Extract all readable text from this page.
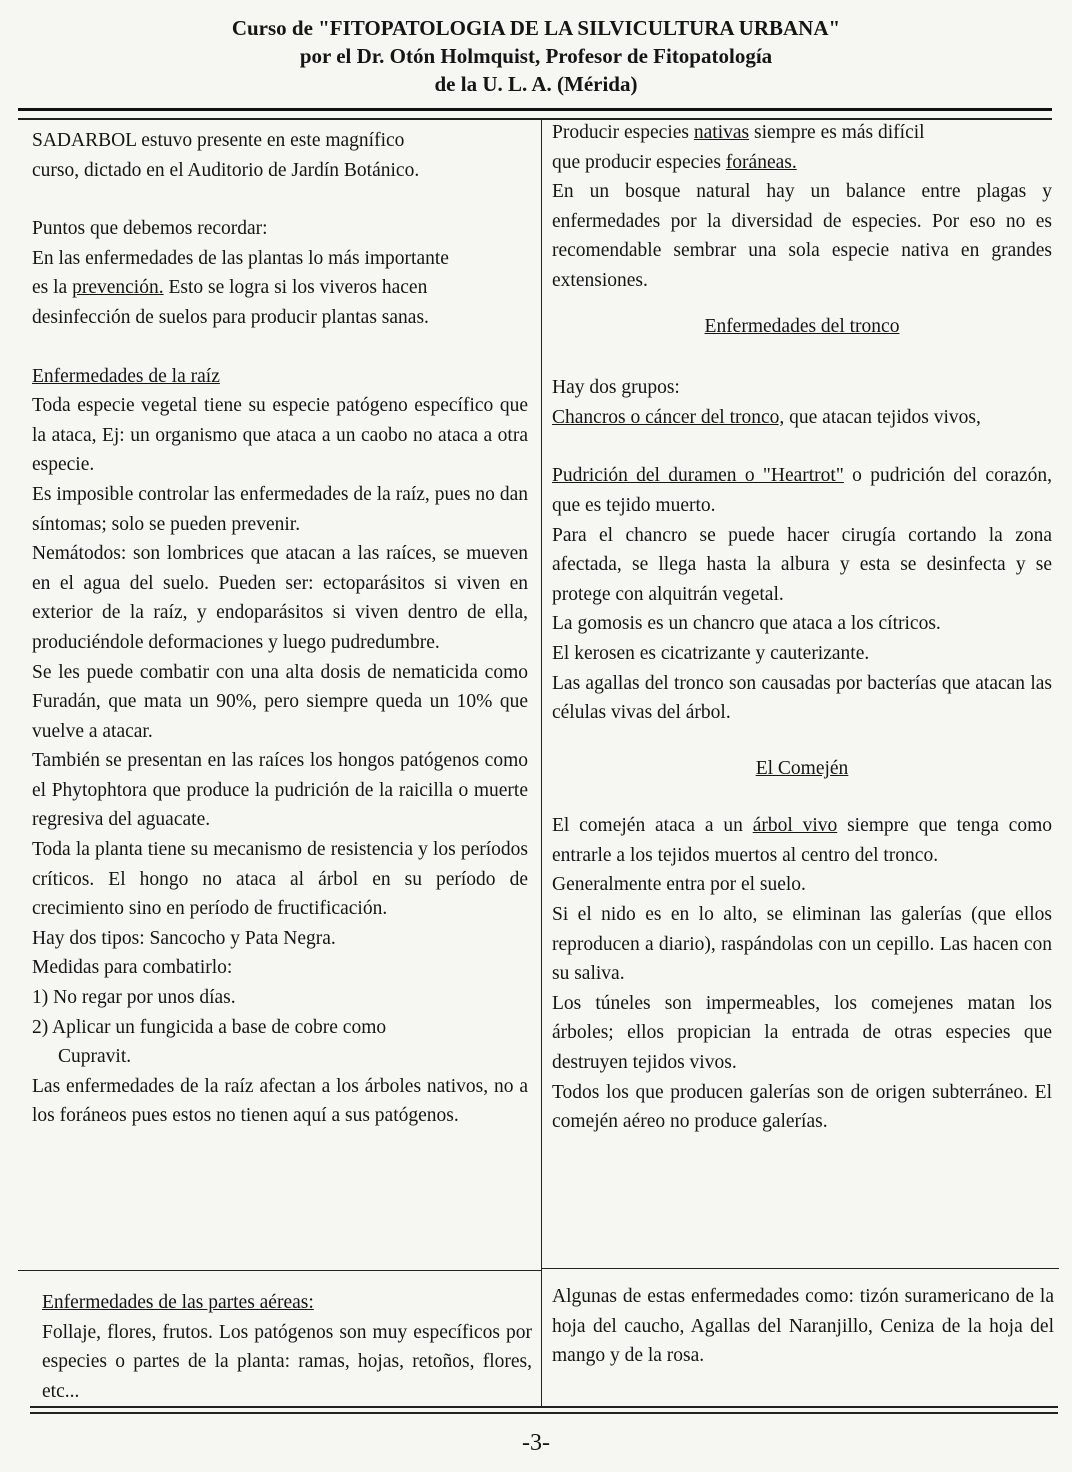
Curso de "FITOPATOLOGIA DE LA SILVICULTURA URBANA"
por el Dr. Otón Holmquist, Profesor de Fitopatología
de la U. L. A. (Mérida)

SADARBOL estuvo presente en este magnífico

curso, dictado en el Auditorio de Jardín Botánico.

Puntos que debemos recordar:

En las enfermedades de las plantas lo más importante

es la prevención. Esto se logra si los viveros hacen

desinfección de suelos para producir plantas sanas.

Enfermedades de la raíz

Toda especie vegetal tiene su especie patógeno específico que la ataca, Ej: un organismo que ataca a un caobo no ataca a otra especie.

Es imposible controlar las enfermedades de la raíz, pues no dan síntomas; solo se pueden prevenir.

Nemátodos: son lombrices que atacan a las raíces, se mueven en el agua del suelo. Pueden ser: ectoparásitos si viven en exterior de la raíz, y endoparásitos si viven dentro de ella, produciéndole deformaciones y luego pudredumbre.

Se les puede combatir con una alta dosis de nematicida como Furadán, que mata un 90%, pero siempre queda un 10% que vuelve a atacar.

También se presentan en las raíces los hongos patógenos como el Phytophtora que produce la pudrición de la raicilla o muerte regresiva del aguacate.

Toda la planta tiene su mecanismo de resistencia y los períodos críticos. El hongo no ataca al árbol en su período de crecimiento sino en período de fructificación.

Hay dos tipos: Sancocho y Pata Negra.

Medidas para combatirlo:

1) No regar por unos días.

2) Aplicar un fungicida a base de cobre como

Cupravit.

Las enfermedades de la raíz afectan a los árboles nativos, no a los foráneos pues estos no tienen aquí a sus patógenos.

Producir especies nativas siempre es más difícil

que producir especies foráneas.

En un bosque natural hay un balance entre plagas y enfermedades por la diversidad de especies. Por eso no es recomendable sembrar una sola especie nativa en grandes extensiones.

Enfermedades del tronco

Hay dos grupos:

Chancros o cáncer del tronco, que atacan tejidos vivos,

Pudrición del duramen o "Heartrot" o pudrición del corazón, que es tejido muerto.

Para el chancro se puede hacer cirugía cortando la zona afectada, se llega hasta la albura y esta se desinfecta y se protege con alquitrán vegetal.

La gomosis es un chancro que ataca a los cítricos.

El kerosen es cicatrizante y cauterizante.

Las agallas del tronco son causadas por bacterías que atacan las células vivas del árbol.

El Comején

El comején ataca a un árbol vivo siempre que tenga como entrarle a los tejidos muertos al centro del tronco.

Generalmente entra por el suelo.

Si el nido es en lo alto, se eliminan las galerías (que ellos reproducen a diario), raspándolas con un cepillo. Las hacen con su saliva.

Los túneles son impermeables, los comejenes matan los árboles; ellos propician la entrada de otras especies que destruyen tejidos vivos.

Todos los que producen galerías son de origen subterráneo. El comején aéreo no produce galerías.

Enfermedades de las partes aéreas:

Follaje, flores, frutos. Los patógenos son muy específicos por especies o partes de la planta: ramas, hojas, retoños, flores, etc...

Algunas de estas enfermedades como: tizón suramericano de la hoja del caucho, Agallas del Naranjillo, Ceniza de la hoja del mango y de la rosa.

-3-
